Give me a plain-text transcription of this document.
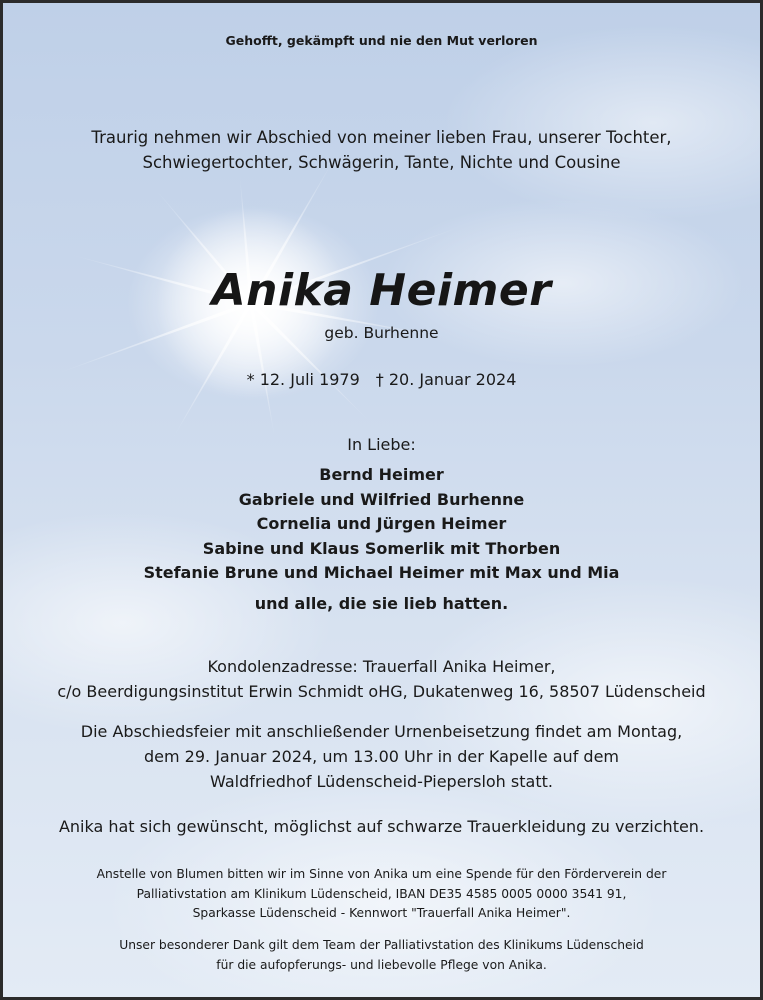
Gehofft, gekämpft und nie den Mut verloren
Traurig nehmen wir Abschied von meiner lieben Frau, unserer Tochter,
Schwiegertochter, Schwägerin, Tante, Nichte und Cousine
Anika Heimer
geb. Burhenne
* 12. Juli 1979 † 20. Januar 2024
In Liebe:
Bernd Heimer
Gabriele und Wilfried Burhenne
Cornelia und Jürgen Heimer
Sabine und Klaus Somerlik mit Thorben
Stefanie Brune und Michael Heimer mit Max und Mia
und alle, die sie lieb hatten.
Kondolenzadresse: Trauerfall Anika Heimer,
c/o Beerdigungsinstitut Erwin Schmidt oHG, Dukatenweg 16, 58507 Lüdenscheid
Die Abschiedsfeier mit anschließender Urnenbeisetzung findet am Montag,
dem 29. Januar 2024, um 13.00 Uhr in der Kapelle auf dem
Waldfriedhof Lüdenscheid-Piepersloh statt.
Anika hat sich gewünscht, möglichst auf schwarze Trauerkleidung zu verzichten.
Anstelle von Blumen bitten wir im Sinne von Anika um eine Spende für den Förderverein der
Palliativstation am Klinikum Lüdenscheid, IBAN DE35 4585 0005 0000 3541 91,
Sparkasse Lüdenscheid - Kennwort "Trauerfall Anika Heimer".
Unser besonderer Dank gilt dem Team der Palliativstation des Klinikums Lüdenscheid
für die aufopferungs- und liebevolle Pflege von Anika.
